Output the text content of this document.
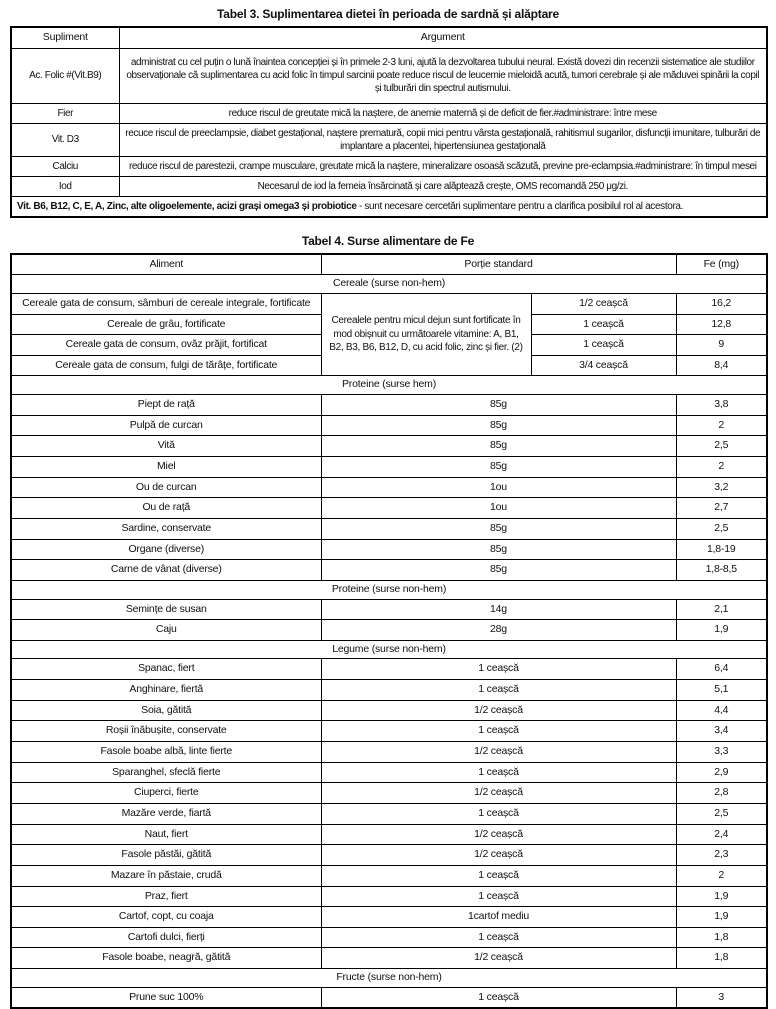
Tabel 3. Suplimentarea dietei în perioada de sardnă și alăptare
Supliment	Argument
Ac. Folic #(Vit.B9)	administrat cu cel puțin o lună înaintea concepției și în primele 2-3 luni, ajută la dezvoltarea tubului neural. Există dovezi din recenzii sistematice ale studiilor observaționale că suplimentarea cu acid folic în timpul sarcinii poate reduce riscul de leucemie mieloidă acută, tumori cerebrale și ale măduvei spinării la copil și tulburări din spectrul autismului.
Fier	reduce riscul de greutate mică la naștere, de anemie maternă și de deficit de fier.#administrare: între mese
Vit. D3	recuce riscul de preeclampsie, diabet gestațional, naștere prematură, copii mici pentru vârsta gestațională, rahitismul sugarilor, disfuncții imunitare, tulburări de implantare a placentei, hipertensiunea gestațională
Calciu	reduce riscul de parestezii, crampe musculare, greutate mică la naștere, mineralizare osoasă scăzută, previne pre-eclampsia.#administrare: în timpul mesei
Iod	Necesarul de iod la femeia însărcinată și care alăptează crește, OMS recomandă 250 μg/zi.
Vit. B6, B12, C, E, A, Zinc, alte oligoelemente, acizi grași omega3 și probiotice - sunt necesare cercetări suplimentare pentru a clarifica posibilul rol al acestora.	
Tabel 4. Surse alimentare de Fe
Aliment	Porție standard		Fe (mg)
Cereale (surse non-hem)			
Cereale gata de consum, sâmburi de cereale integrale, fortificate	Cerealele pentru micul dejun sunt fortificate în mod obișnuit cu următoarele vitamine: A, B1, B2, B3, B6, B12, D, cu acid folic, zinc și fier. (2)	1/2 ceașcă	16,2
Cereale de grâu, fortificate		1 ceașcă	12,8
Cereale gata de consum, ovăz prăjit, fortificat		1 ceașcă	9
Cereale gata de consum, fulgi de tărâțe, fortificate		3/4 ceașcă	8,4
Proteine (surse hem)			
Piept de rață	85g		3,8
Pulpă de curcan	85g		2
Vită	85g		2,5
Miel	85g		2
Ou de curcan	1ou		3,2
Ou de rață	1ou		2,7
Sardine, conservate	85g		2,5
Organe (diverse)	85g		1,8-19
Carne de vânat (diverse)	85g		1,8-8,5
Proteine (surse non-hem)			
Semințe de susan	14g		2,1
Caju	28g		1,9
Legume (surse non-hem)			
Spanac, fiert	1 ceașcă		6,4
Anghinare, fiertă	1 ceașcă		5,1
Soia, gătită	1/2 ceașcă		4,4
Roșii înăbușite, conservate	1 ceașcă		3,4
Fasole boabe albă, linte fierte	1/2 ceașcă		3,3
Sparanghel, sfeclă fierte	1 ceașcă		2,9
Ciuperci, fierte	1/2 ceașcă		2,8
Mazăre verde, fiartă	1 ceașcă		2,5
Naut, fiert	1/2 ceașcă		2,4
Fasole păstăi, gătită	1/2 ceașcă		2,3
Mazare în păstaie, crudă	1 ceașcă		2
Praz, fiert	1 ceașcă		1,9
Cartof, copt, cu coaja	1cartof mediu		1,9
Cartofi dulci, fierți	1 ceașcă		1,8
Fasole boabe, neagră, gătită	1/2 ceașcă		1,8
Fructe (surse non-hem)			
Prune suc 100%	1 ceașcă		3
